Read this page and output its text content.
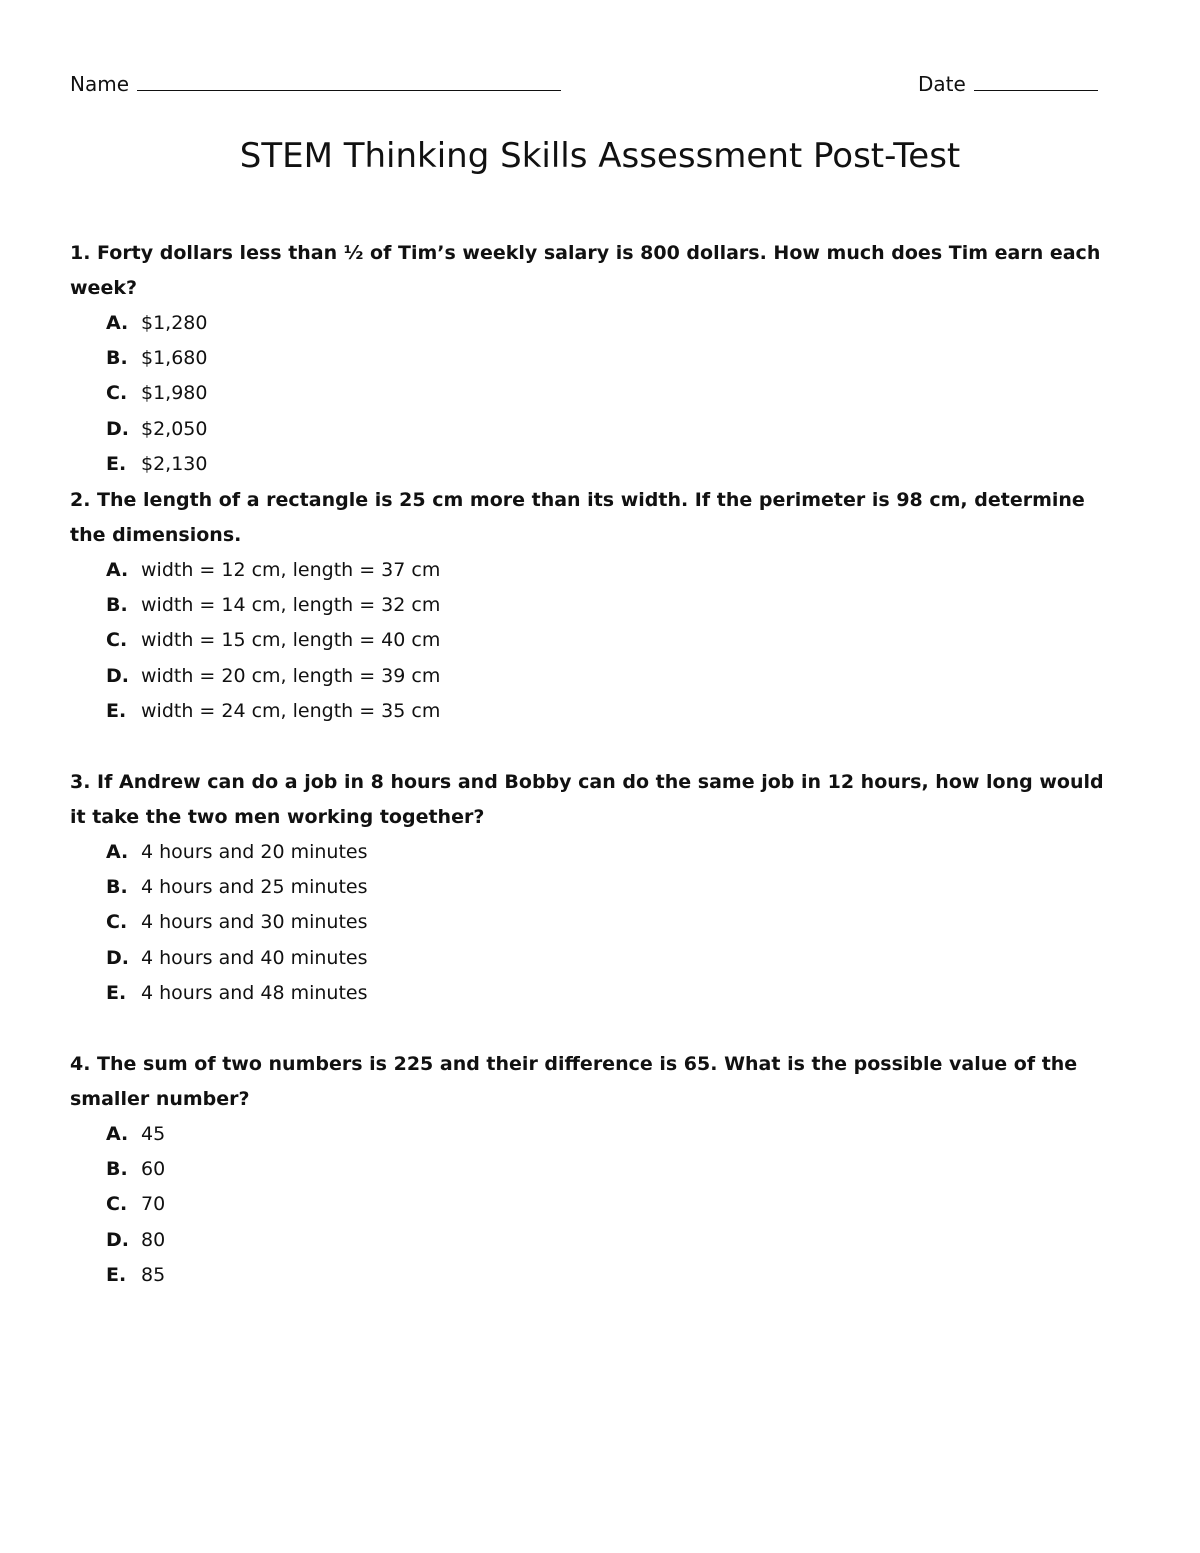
Name	Date
STEM Thinking Skills Assessment Post-Test

1. Forty dollars less than ½ of Tim’s weekly salary is 800 dollars. How much does Tim earn each week?

A. $1,280
B. $1,680
C. $1,980
D. $2,050
E. $2,130

2. The length of a rectangle is 25 cm more than its width. If the perimeter is 98 cm, determine the dimensions.

A. width = 12 cm, length = 37 cm
B. width = 14 cm, length = 32 cm
C. width = 15 cm, length = 40 cm
D. width = 20 cm, length = 39 cm
E. width = 24 cm, length = 35 cm

3. If Andrew can do a job in 8 hours and Bobby can do the same job in 12 hours, how long would it take the two men working together?

A. 4 hours and 20 minutes
B. 4 hours and 25 minutes
C. 4 hours and 30 minutes
D. 4 hours and 40 minutes
E. 4 hours and 48 minutes

4. The sum of two numbers is 225 and their difference is 65. What is the possible value of the smaller number?

A. 45
B. 60
C. 70
D. 80
E. 85
